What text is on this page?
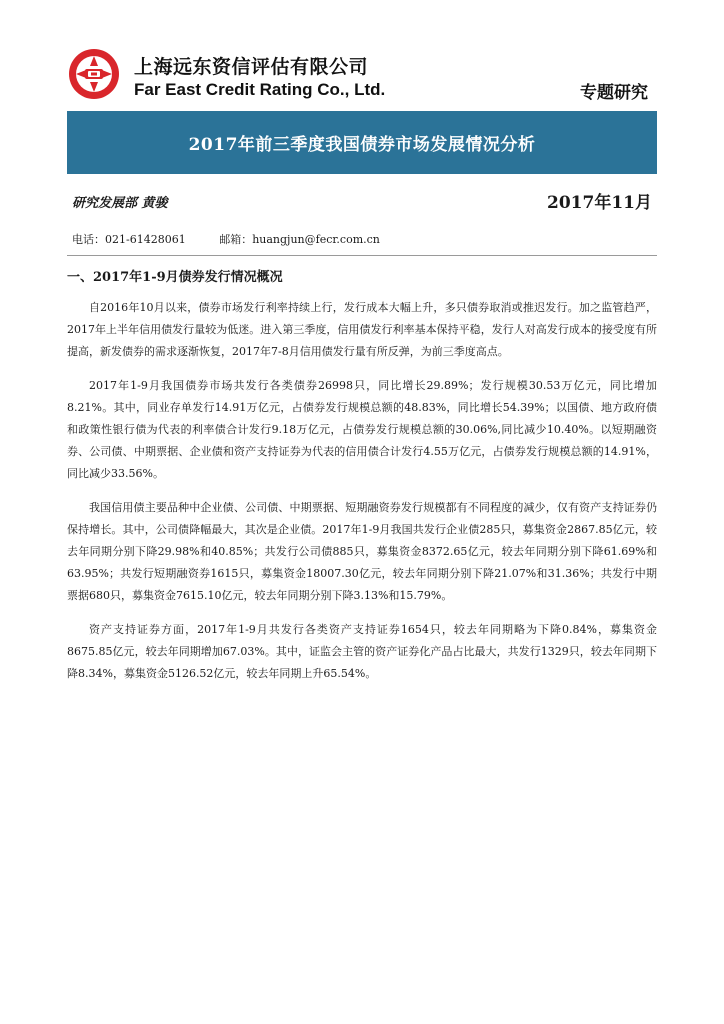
上海远东资信评估有限公司
Far East Credit Rating Co., Ltd.	专题研究
2017年前三季度我国债券市场发展情况分析
研究发展部 黄骏	2017年11月
电话：021-61428061	邮箱：huangjun@fecr.com.cn
一、2017年1-9月债券发行情况概况

自2016年10月以来，债券市场发行利率持续上行，发行成本大幅上升，多只债券取消或推迟发行。加之监管趋严，2017年上半年信用债发行量较为低迷。进入第三季度，信用债发行利率基本保持平稳，发行人对高发行成本的接受度有所提高，新发债券的需求逐渐恢复，2017年7-8月信用债发行量有所反弹，为前三季度高点。

2017年1-9月我国债券市场共发行各类债券26998只，同比增长29.89%；发行规模30.53万亿元，同比增加8.21%。其中，同业存单发行14.91万亿元，占债券发行规模总额的48.83%，同比增长54.39%；以国债、地方政府债和政策性银行债为代表的利率债合计发行9.18万亿元，占债券发行规模总额的30.06%,同比减少10.40%。以短期融资券、公司债、中期票据、企业债和资产支持证券为代表的信用债合计发行4.55万亿元，占债券发行规模总额的14.91%，同比减少33.56%。

我国信用债主要品种中企业债、公司债、中期票据、短期融资券发行规模都有不同程度的减少，仅有资产支持证券仍保持增长。其中，公司债降幅最大，其次是企业债。2017年1-9月我国共发行企业债285只，募集资金2867.85亿元，较去年同期分别下降29.98%和40.85%；共发行公司债885只，募集资金8372.65亿元，较去年同期分别下降61.69%和63.95%；共发行短期融资券1615只，募集资金18007.30亿元，较去年同期分别下降21.07%和31.36%；共发行中期票据680只，募集资金7615.10亿元，较去年同期分别下降3.13%和15.79%。

资产支持证券方面，2017年1-9月共发行各类资产支持证券1654只，较去年同期略为下降0.84%，募集资金8675.85亿元，较去年同期增加67.03%。其中，证监会主管的资产证券化产品占比最大，共发行1329只，较去年同期下降8.34%，募集资金5126.52亿元，较去年同期上升65.54%。
